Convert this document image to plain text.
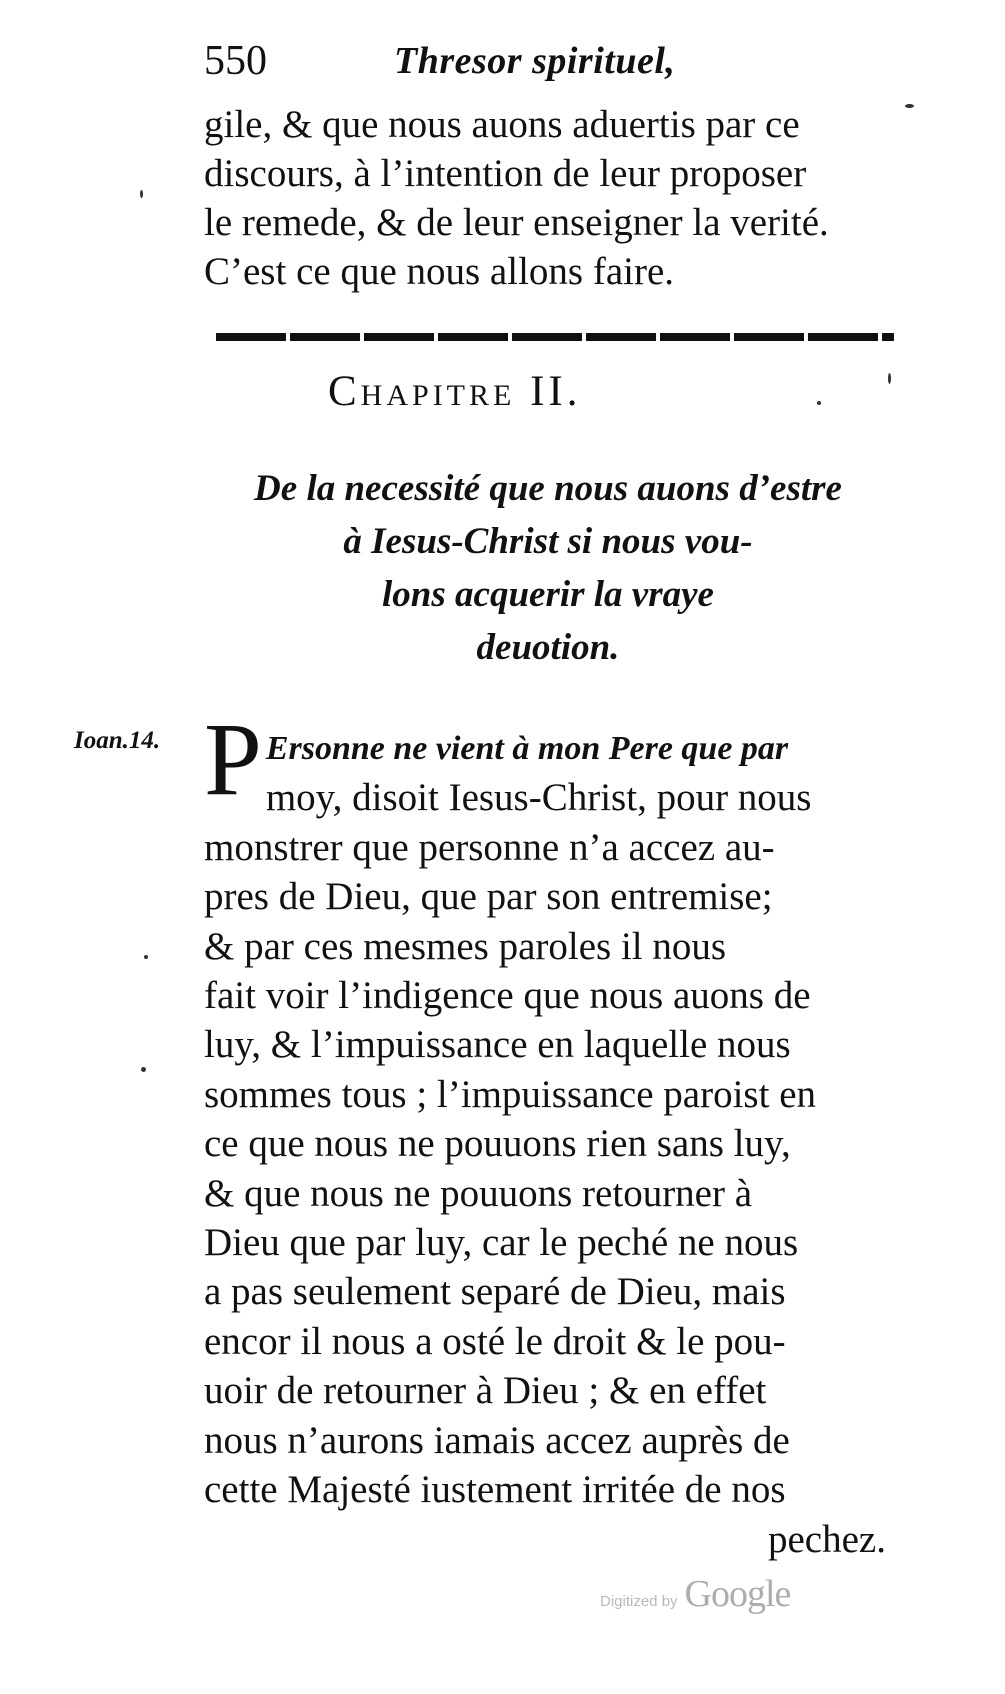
550	Thresor spirituel,
gile, & que nous auons aduertis par ce
discours, à l’intention de leur proposer
le remede, & de leur enseigner la verité.
C’est ce que nous allons faire.
Chapitre II.
De la necessité que nous auons d’estre
à Iesus-Christ si nous vou-
lons acquerir la vraye
deuotion.
Ioan.14. P Ersonne ne vient à mon Pere que par
moy, disoit Iesus-Christ, pour nous
monstrer que personne n’a accez au-
pres de Dieu, que par son entremise;
& par ces mesmes paroles il nous
fait voir l’indigence que nous auons de
luy, & l’impuissance en laquelle nous
sommes tous ; l’impuissance paroist en
ce que nous ne pouuons rien sans luy,
& que nous ne pouuons retourner à
Dieu que par luy, car le peché ne nous
a pas seulement separé de Dieu, mais
encor il nous a osté le droit & le pou-
uoir de retourner à Dieu ; & en effet
nous n’aurons iamais accez auprès de
cette Majesté iustement irritée de nos
pechez.
Digitized by Google
